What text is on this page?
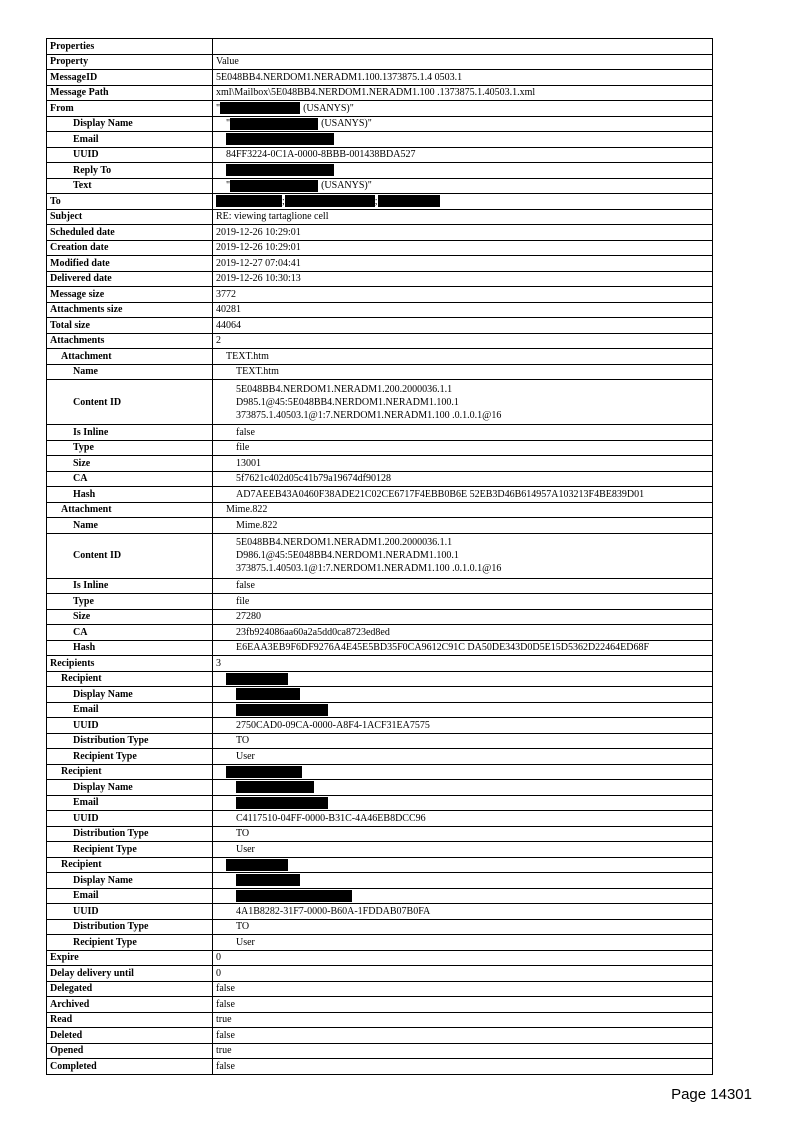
Properties	
Property	Value
MessageID	5E048BB4.NERDOM1.NERADM1.100.1373875.1.4 0503.1
Message Path	xml\Mailbox\5E048BB4.NERDOM1.NERADM1.100 .1373875.1.40503.1.xml
From	" (USANYS)"
Display Name	" (USANYS)"
Email	
UUID	84FF3224-0C1A-0000-8BBB-001438BDA527
Reply To	
Text	" (USANYS)"
To	; ;
Subject	RE: viewing tartaglione cell
Scheduled date	2019-12-26 10:29:01
Creation date	2019-12-26 10:29:01
Modified date	2019-12-27 07:04:41
Delivered date	2019-12-26 10:30:13
Message size	3772
Attachments size	40281
Total size	44064
Attachments	2
Attachment	TEXT.htm
Name	TEXT.htm
Content ID	5E048BB4.NERDOM1.NERADM1.200.2000036.1.1
D985.1@45:5E048BB4.NERDOM1.NERADM1.100.1
373875.1.40503.1@1:7.NERDOM1.NERADM1.100 .0.1.0.1@16

Is Inline	false
Type	file
Size	13001
CA	5f7621c402d05c41b79a19674df90128
Hash	AD7AEEB43A0460F38ADE21C02CE6717F4EBB0B6E 52EB3D46B614957A103213F4BE839D01
Attachment	Mime.822
Name	Mime.822
Content ID	5E048BB4.NERDOM1.NERADM1.200.2000036.1.1
D986.1@45:5E048BB4.NERDOM1.NERADM1.100.1
373875.1.40503.1@1:7.NERDOM1.NERADM1.100 .0.1.0.1@16

Is Inline	false
Type	file
Size	27280
CA	23fb924086aa60a2a5dd0ca8723ed8ed
Hash	E6EAA3EB9F6DF9276A4E45E5BD35F0CA9612C91C DA50DE343D0D5E15D5362D22464ED68F
Recipients	3
Recipient	
Display Name	
Email	
UUID	2750CAD0-09CA-0000-A8F4-1ACF31EA7575
Distribution Type	TO
Recipient Type	User
Recipient	
Display Name	
Email	
UUID	C4117510-04FF-0000-B31C-4A46EB8DCC96
Distribution Type	TO
Recipient Type	User
Recipient	
Display Name	
Email	
UUID	4A1B8282-31F7-0000-B60A-1FDDAB07B0FA
Distribution Type	TO
Recipient Type	User
Expire	0
Delay delivery until	0
Delegated	false
Archived	false
Read	true
Deleted	false
Opened	true
Completed	false
Page 14301
